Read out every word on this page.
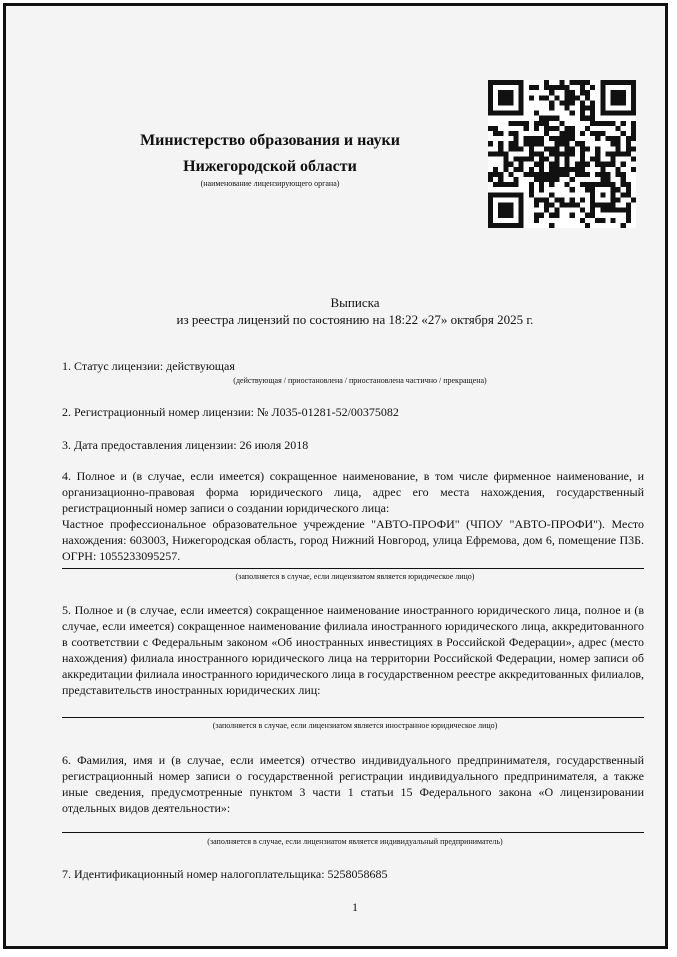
Министерство образования и науки
Нижегородской области
(наименование лицензирующего органа)
Выписка
из реестра лицензий по состоянию на 18:22 «27» октября 2025 г.
1. Статус лицензии: действующая
(действующая / приостановлена / приостановлена частично / прекращена)
2. Регистрационный номер лицензии: № Л035-01281-52/00375082
3. Дата предоставления лицензии: 26 июля 2018
4. Полное и (в случае, если имеется) сокращенное наименование, в том числе фирменное наименование, и организационно-правовая форма юридического лица, адрес его места нахождения, государственный регистрационный номер записи о создании юридического лица:
Частное профессиональное образовательное учреждение "АВТО-ПРОФИ" (ЧПОУ "АВТО-ПРОФИ"). Место нахождения: 603003, Нижегородская область, город Нижний Новгород, улица Ефремова, дом 6, помещение П3Б. ОГРН: 1055233095257.
(заполняется в случае, если лицензиатом является юридическое лицо)
5. Полное и (в случае, если имеется) сокращенное наименование иностранного юридического лица, полное и (в случае, если имеется) сокращенное наименование филиала иностранного юридического лица, аккредитованного в соответствии с Федеральным законом «Об иностранных инвестициях в Российской Федерации», адрес (место нахождения) филиала иностранного юридического лица на территории Российской Федерации, номер записи об аккредитации филиала иностранного юридического лица в государственном реестре аккредитованных филиалов, представительств иностранных юридических лиц:
(заполняется в случае, если лицензиатом является иностранное юридическое лицо)
6. Фамилия, имя и (в случае, если имеется) отчество индивидуального предпринимателя, государственный регистрационный номер записи о государственной регистрации индивидуального предпринимателя, а также иные сведения, предусмотренные пунктом 3 части 1 статьи 15 Федерального закона «О лицензировании отдельных видов деятельности»:
(заполняется в случае, если лицензиатом является индивидуальный предприниматель)
7. Идентификационный номер налогоплательщика: 5258058685
1
